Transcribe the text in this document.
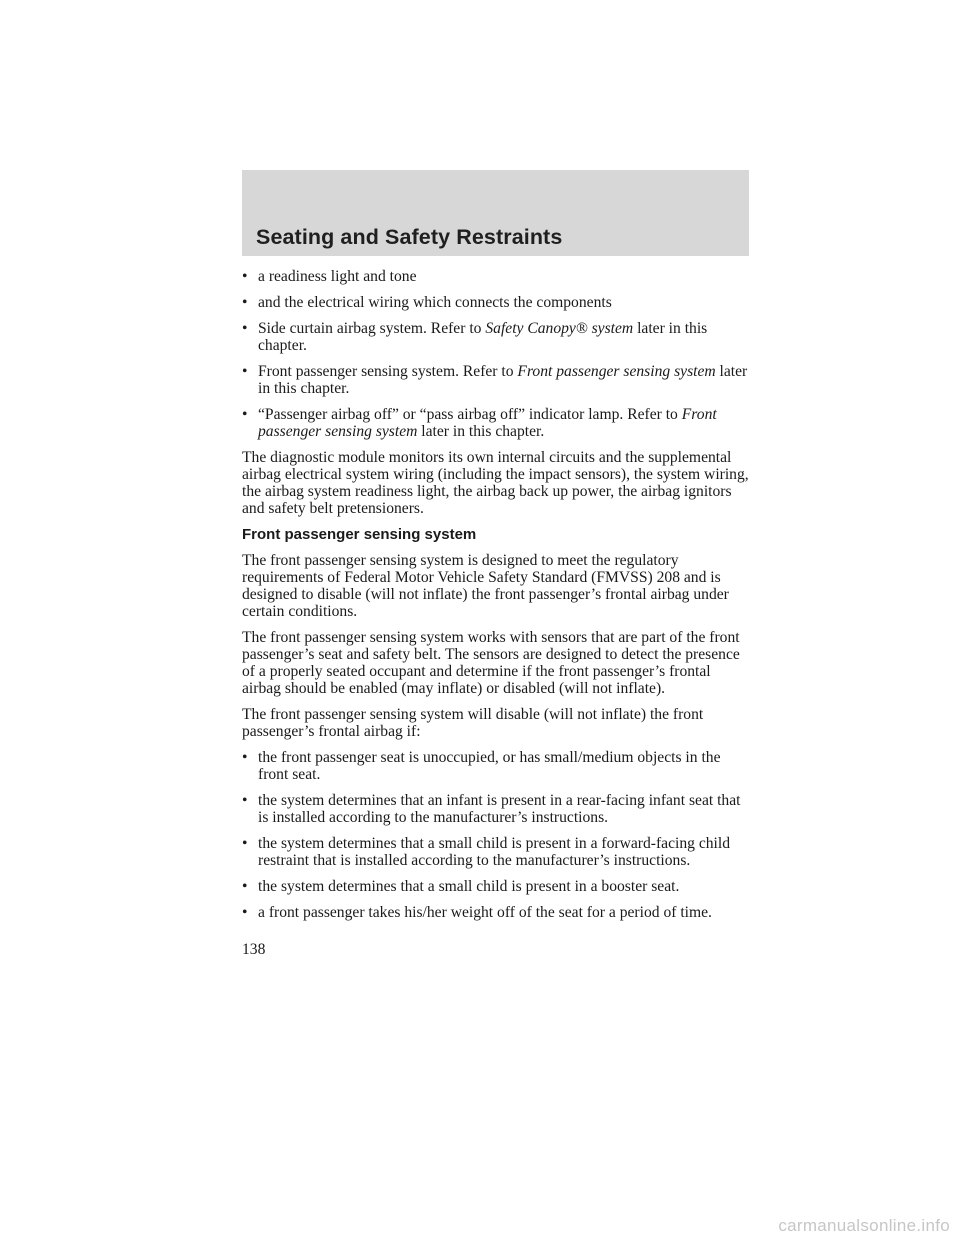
Seating and Safety Restraints

• a readiness light and tone

• and the electrical wiring which connects the components

• Side curtain airbag system. Refer to Safety Canopy® system later in this chapter.

• Front passenger sensing system. Refer to Front passenger sensing system later in this chapter.

• “Passenger airbag off” or “pass airbag off” indicator lamp. Refer to Front passenger sensing system later in this chapter.

The diagnostic module monitors its own internal circuits and the supplemental airbag electrical system wiring (including the impact sensors), the system wiring, the airbag system readiness light, the airbag back up power, the airbag ignitors and safety belt pretensioners.

Front passenger sensing system

The front passenger sensing system is designed to meet the regulatory requirements of Federal Motor Vehicle Safety Standard (FMVSS) 208 and is designed to disable (will not inflate) the front passenger’s frontal airbag under certain conditions.

The front passenger sensing system works with sensors that are part of the front passenger’s seat and safety belt. The sensors are designed to detect the presence of a properly seated occupant and determine if the front passenger’s frontal airbag should be enabled (may inflate) or disabled (will not inflate).

The front passenger sensing system will disable (will not inflate) the front passenger’s frontal airbag if:

• the front passenger seat is unoccupied, or has small/medium objects in the front seat.

• the system determines that an infant is present in a rear-facing infant seat that is installed according to the manufacturer’s instructions.

• the system determines that a small child is present in a forward-facing child restraint that is installed according to the manufacturer’s instructions.

• the system determines that a small child is present in a booster seat.

• a front passenger takes his/her weight off of the seat for a period of time.

138
carmanualsonline.info
